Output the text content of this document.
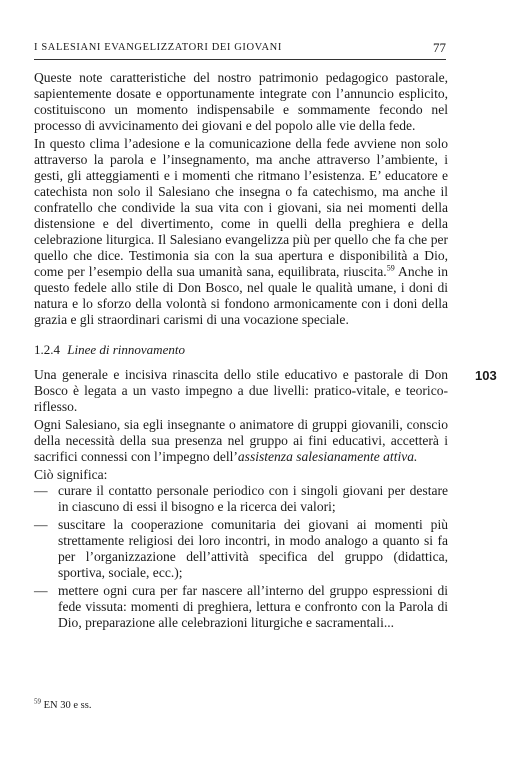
I SALESIANI EVANGELIZZATORI DEI GIOVANI	77

Queste note caratteristiche del nostro patrimonio pedagogico pastorale, sapientemente dosate e opportunamente integrate con l’annuncio esplicito, costituiscono un momento indispensabile e sommamente fecondo nel processo di avvicinamento dei giovani e del popolo alle vie della fede.

In questo clima l’adesione e la comunicazione della fede avviene non solo attraverso la parola e l’insegnamento, ma anche attraverso l’ambiente, i gesti, gli atteggiamenti e i momenti che ritmano l’esistenza. E’ educatore e catechista non solo il Salesiano che insegna o fa catechismo, ma anche il confratello che condivide la sua vita con i giovani, sia nei momenti della distensione e del divertimento, come in quelli della preghiera e della celebrazione liturgica. Il Salesiano evangelizza più per quello che fa che per quello che dice. Testimonia sia con la sua apertura e disponibilità a Dio, come per l’esempio della sua umanità sana, equilibrata, riuscita.$^{59}$ Anche in questo fedele allo stile di Don Bosco, nel quale le qualità umane, i doni di natura e lo sforzo della volontà si fondono armonicamente con i doni della grazia e gli straordinari carismi di una vocazione speciale.

1.2.4 Linee di rinnovamento

Una generale e incisiva rinascita dello stile educativo e pastorale di Don Bosco è legata a un vasto impegno a due livelli: pratico-vitale, e teorico-riflesso.
103

Ogni Salesiano, sia egli insegnante o animatore di gruppi giovanili, conscio della necessità della sua presenza nel gruppo ai fini educativi, accetterà i sacrifici connessi con l’impegno dell’assistenza salesianamente attiva.

Ciò significa:

— curare il contatto personale periodico con i singoli giovani per destare in ciascuno di essi il bisogno e la ricerca dei valori;
— suscitare la cooperazione comunitaria dei giovani ai momenti più strettamente religiosi dei loro incontri, in modo analogo a quanto si fa per l’organizzazione dell’attività specifica del gruppo (didattica, sportiva, sociale, ecc.);
— mettere ogni cura per far nascere all’interno del gruppo espressioni di fede vissuta: momenti di preghiera, lettura e confronto con la Parola di Dio, preparazione alle celebrazioni liturgiche e sacramentali...
$^{59}$ EN 30 e ss.
